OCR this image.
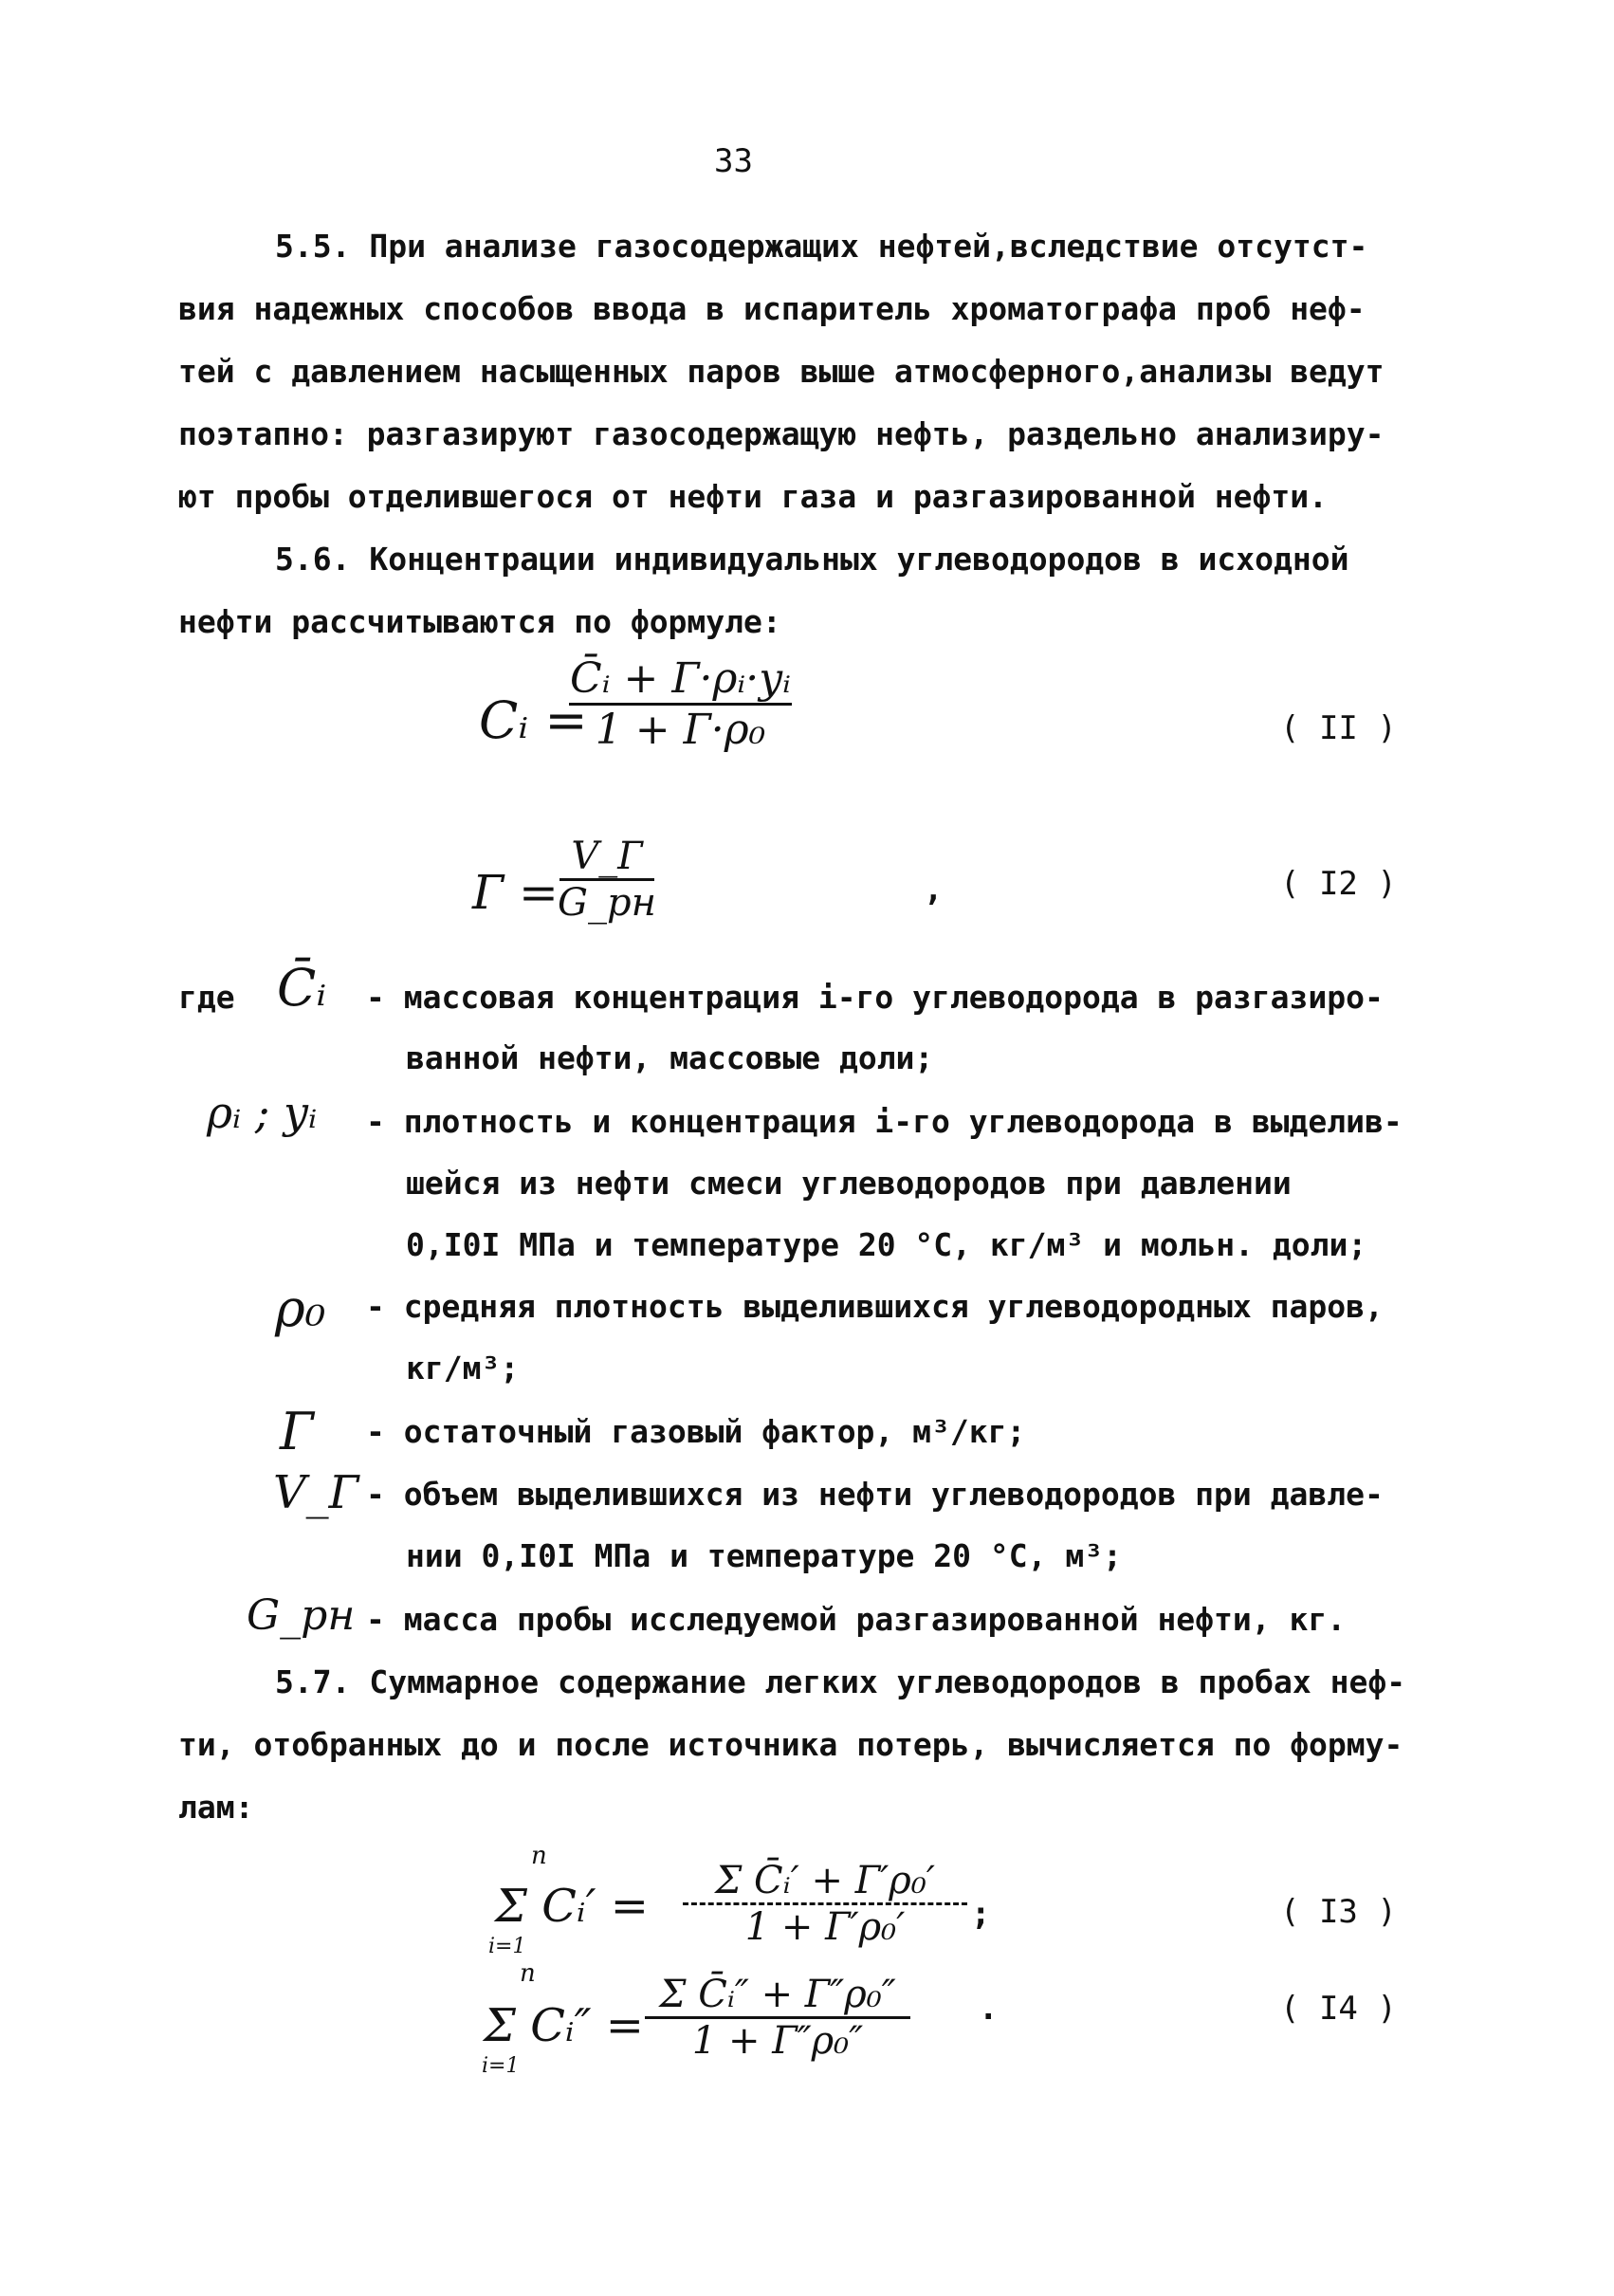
33
5.5. При анализе газосодержащих нефтей,вследствие отсутст-
вия надежных способов ввода в испаритель хроматографа проб неф-
тей с давлением насыщенных паров выше атмосферного,анализы ведут
поэтапно: разгазируют газосодержащую нефть, раздельно анализиру-
ют пробы отделившегося от нефти газа и разгазированной нефти.
5.6. Концентрации индивидуальных углеводородов в исходной
нефти рассчитываются по формуле:
Cᵢ =
C̄ᵢ + Г·ρᵢ·yᵢ
1 + Г·ρ₀	( II )
Г =
V_Г
G_рн	,	( I2 )
где C̄ᵢ - массовая концентрация i-го углеводорода в разгазиро-
ванной нефти, массовые доли;
ρᵢ ; yᵢ - плотность и концентрация i-го углеводорода в выделив-
шейся из нефти смеси углеводородов при давлении
0,I0I МПа и температуре 20 °С, кг/м³ и мольн. доли;
ρ₀ - средняя плотность выделившихся углеводородных паров,
кг/м³;
Г - остаточный газовый фактор, м³/кг;
V_Г - объем выделившихся из нефти углеводородов при давле-
нии 0,I0I МПа и температуре 20 °С, м³;
G_рн - масса пробы исследуемой разгазированной нефти, кг.
5.7. Суммарное содержание легких углеводородов в пробах неф-
ти, отобранных до и после источника потерь, вычисляется по форму-
лам:
n
Σ Cᵢ′ =
i=1
Σ C̄ᵢ′ + Г′ρ₀′
1 + Г′ρ₀′ ;	( I3 )
n
Σ Cᵢ″ =
i=1
Σ C̄ᵢ″ + Г″ρ₀″
1 + Г″ρ₀″
.	( I4 )
